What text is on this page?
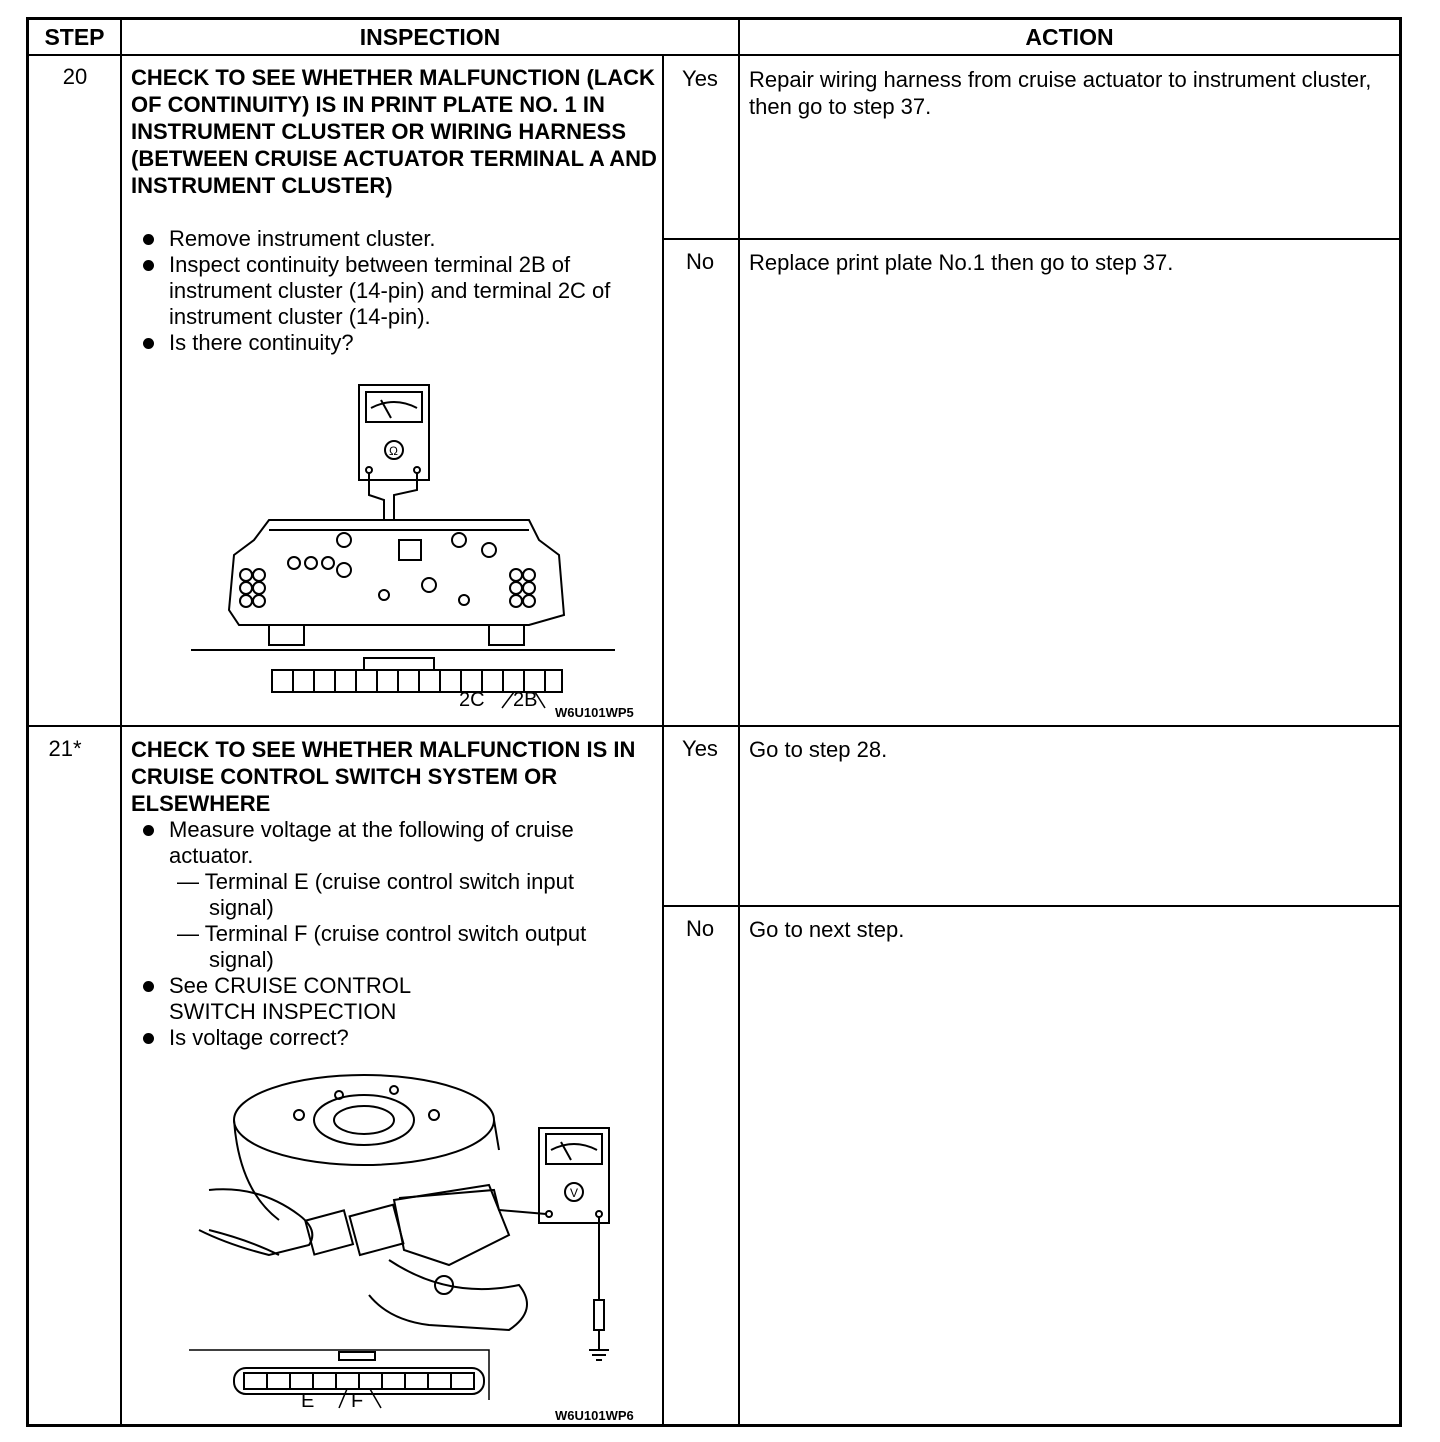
STEP	INSPECTION	ACTION
20	CHECK TO SEE WHETHER MALFUNCTION (LACK OF CONTINUITY) IS IN PRINT PLATE NO. 1 IN INSTRUMENT CLUSTER OR WIRING HARNESS (BETWEEN CRUISE ACTUATOR TERMINAL A AND INSTRUMENT CLUSTER)
Remove instrument cluster.
Inspect continuity between terminal 2B of instrument cluster (14-pin) and terminal 2C of instrument cluster (14-pin).
Is there continuity?
Ω
2C 2B
W6U101WP5
Yes	Repair wiring harness from cruise actuator to instrument cluster, then go to step 37.
No	Replace print plate No.1 then go to step 37.
21*	CHECK TO SEE WHETHER MALFUNCTION IS IN CRUISE CONTROL SWITCH SYSTEM OR ELSEWHERE
Measure voltage at the following of cruise actuator.
— Terminal E (cruise control switch input signal)
— Terminal F (cruise control switch output signal)
See CRUISE CONTROL SWITCH INSPECTION
Is voltage correct?
V
E F
W6U101WP6
Yes	Go to step 28.
No	Go to next step.
